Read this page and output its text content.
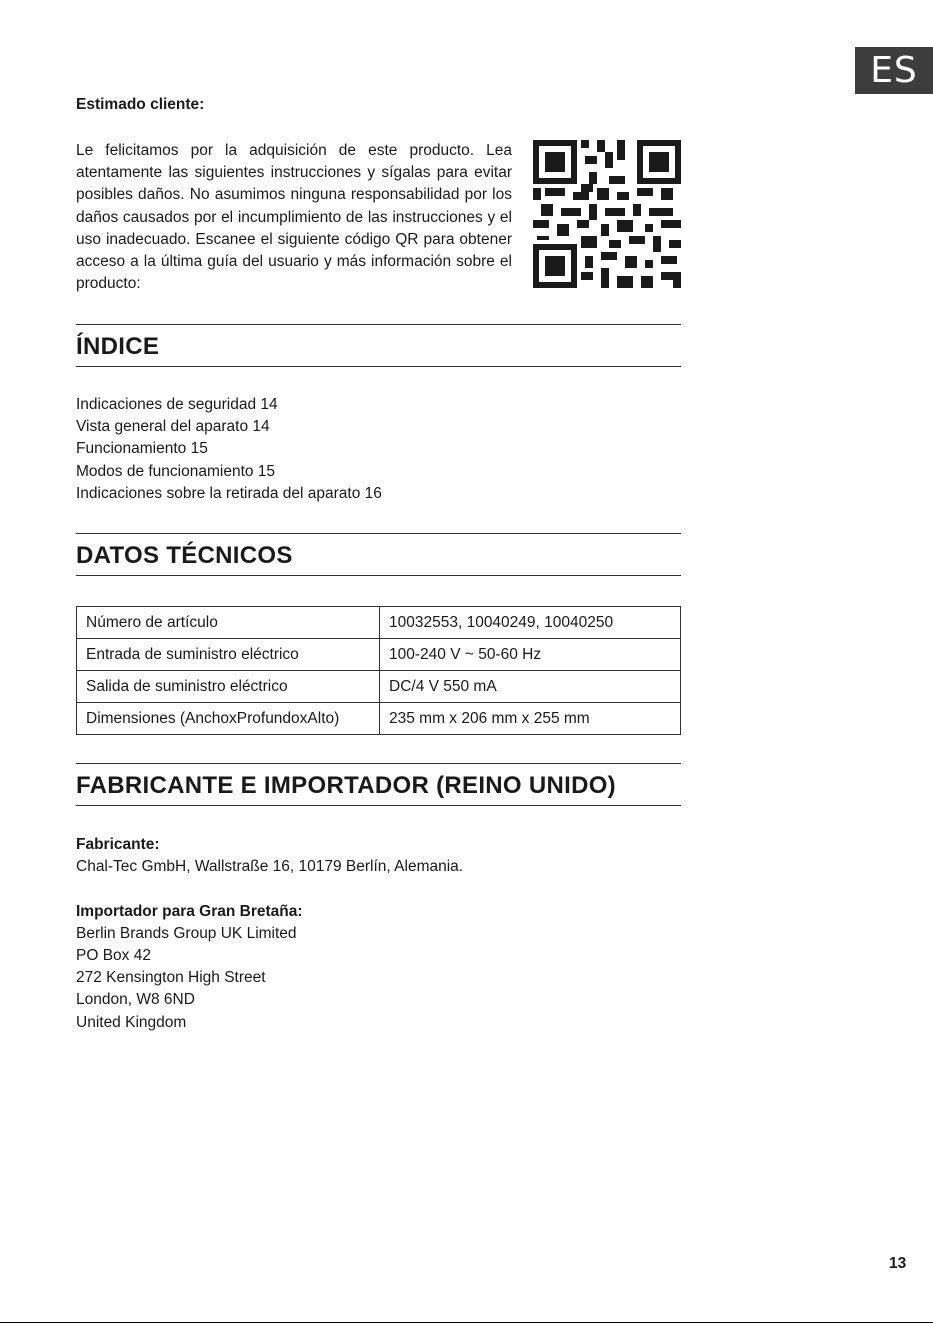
ES
Estimado cliente:
Le felicitamos por la adquisición de este producto. Lea atentamente las siguientes instrucciones y sígalas para evitar posibles daños. No asumimos ninguna responsabilidad por los daños causados por el incumplimiento de las instrucciones y el uso inadecuado. Escanee el siguiente código QR para obtener acceso a la última guía del usuario y más información sobre el producto:
ÍNDICE
Indicaciones de seguridad 14
Vista general del aparato 14
Funcionamiento 15
Modos de funcionamiento 15
Indicaciones sobre la retirada del aparato 16
DATOS TÉCNICOS
Número de artículo	10032553, 10040249, 10040250
Entrada de suministro eléctrico	100-240 V ~ 50-60 Hz
Salida de suministro eléctrico	DC/4 V 550 mA
Dimensiones (AnchoxProfundoxAlto)	235 mm x 206 mm x 255 mm
FABRICANTE E IMPORTADOR (REINO UNIDO)
Fabricante:
Chal-Tec GmbH, Wallstraße 16, 10179 Berlín, Alemania.
Importador para Gran Bretaña:
Berlin Brands Group UK Limited
PO Box 42
272 Kensington High Street
London, W8 6ND
United Kingdom
13
